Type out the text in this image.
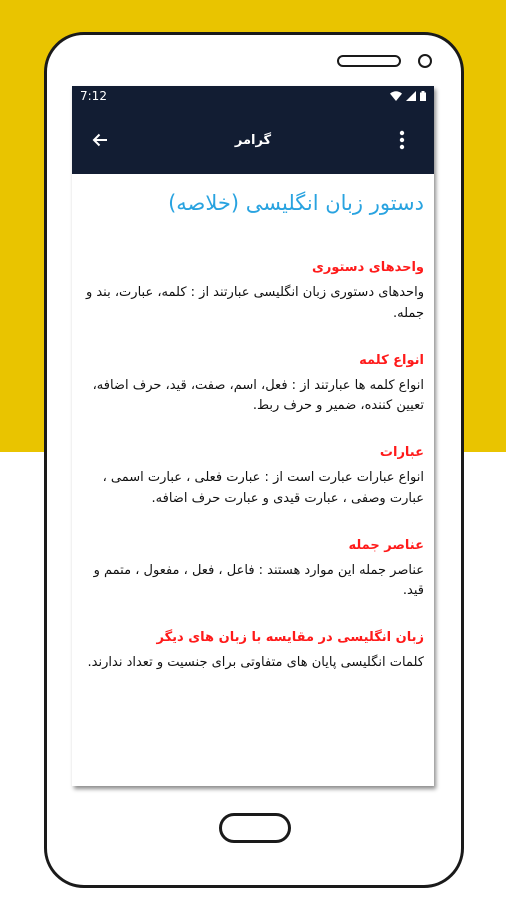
7:12
گرامر
دستور زبان انگلیسی (خلاصه)
واحدهای دستوری

واحدهای دستوری زبان انگلیسی عبارتند از : کلمه، عبارت، بند و جمله.

انواع کلمه

انواع کلمه ها عبارتند از : فعل، اسم، صفت، قید، حرف اضافه، تعیین کننده، ضمیر و حرف ربط.

عبارات

انواع عبارات عبارت است از : عبارت فعلی ، عبارت اسمی ، عبارت وصفی ، عبارت قیدی و عبارت حرف اضافه.

عناصر جمله

عناصر جمله این موارد هستند : فاعل ، فعل ، مفعول ، متمم و قید.

زبان انگلیسی در مقایسه با زبان های دیگر

کلمات انگلیسی پایان های متفاوتی برای جنسیت و تعداد ندارند.
